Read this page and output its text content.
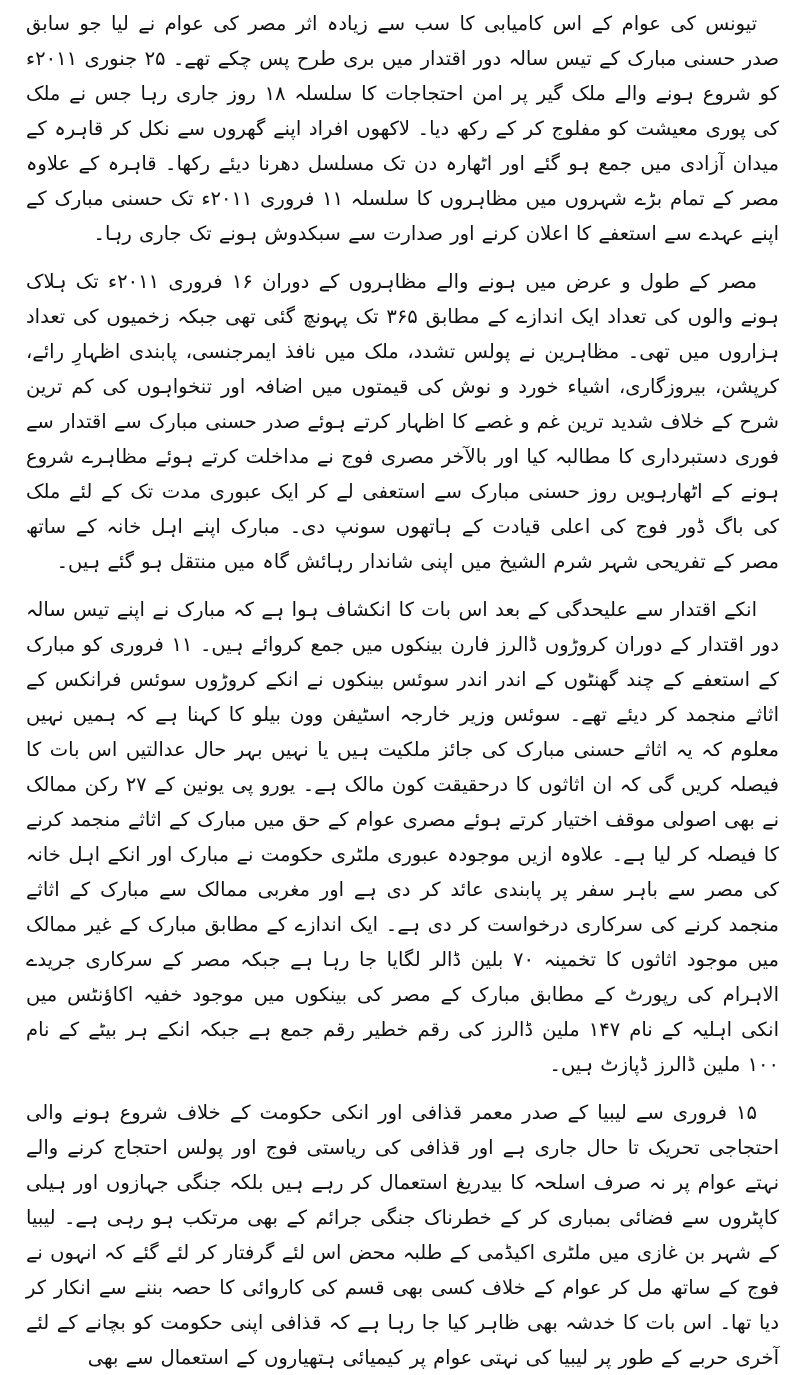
تیونس کی عوام کے اس کامیابی کا سب سے زیادہ اثر مصر کی عوام نے لیا جو سابق صدر حسنی مبارک کے تیس سالہ دور اقتدار میں بری طرح پس چکے تھے۔ ۲۵ جنوری ۲۰۱۱ء کو شروع ہونے والے ملک گیر پر امن احتجاجات کا سلسلہ ۱۸ روز جاری رہا جس نے ملک کی پوری معیشت کو مفلوج کر کے رکھ دیا۔ لاکھوں افراد اپنے گھروں سے نکل کر قاہرہ کے میدان آزادی میں جمع ہو گئے اور اٹھارہ دن تک مسلسل دھرنا دیئے رکھا۔ قاہرہ کے علاوہ مصر کے تمام بڑے شہروں میں مظاہروں کا سلسلہ ۱۱ فروری ۲۰۱۱ء تک حسنی مبارک کے اپنے عہدے سے استعفے کا اعلان کرنے اور صدارت سے سبکدوش ہونے تک جاری رہا۔

مصر کے طول و عرض میں ہونے والے مظاہروں کے دوران ۱۶ فروری ۲۰۱۱ء تک ہلاک ہونے والوں کی تعداد ایک اندازے کے مطابق ۳۶۵ تک پہونچ گئی تھی جبکہ زخمیوں کی تعداد ہزاروں میں تھی۔ مظاہرین نے پولس تشدد، ملک میں نافذ ایمرجنسی، پابندی اظہارِ رائے، کرپشن، بیروزگاری، اشیاء خورد و نوش کی قیمتوں میں اضافہ اور تنخواہوں کی کم ترین شرح کے خلاف شدید ترین غم و غصے کا اظہار کرتے ہوئے صدر حسنی مبارک سے اقتدار سے فوری دستبرداری کا مطالبہ کیا اور بالآخر مصری فوج نے مداخلت کرتے ہوئے مظاہرے شروع ہونے کے اٹھارہویں روز حسنی مبارک سے استعفی لے کر ایک عبوری مدت تک کے لئے ملک کی باگ ڈور فوج کی اعلی قیادت کے ہاتھوں سونپ دی۔ مبارک اپنے اہل خانہ کے ساتھ مصر کے تفریحی شہر شرم الشیخ میں اپنی شاندار رہائش گاہ میں منتقل ہو گئے ہیں۔

انکے اقتدار سے علیحدگی کے بعد اس بات کا انکشاف ہوا ہے کہ مبارک نے اپنے تیس سالہ دور اقتدار کے دوران کروڑوں ڈالرز فارن بینکوں میں جمع کروائے ہیں۔ ۱۱ فروری کو مبارک کے استعفے کے چند گھنٹوں کے اندر اندر سوئس بینکوں نے انکے کروڑوں سوئس فرانکس کے اثاثے منجمد کر دیئے تھے۔ سوئس وزیر خارجہ اسٹیفن وون بیلو کا کہنا ہے کہ ہمیں نہیں معلوم کہ یہ اثاثے حسنی مبارک کی جائز ملکیت ہیں یا نہیں بہر حال عدالتیں اس بات کا فیصلہ کریں گی کہ ان اثاثوں کا درحقیقت کون مالک ہے۔ یورو پی یونین کے ۲۷ رکن ممالک نے بھی اصولی موقف اختیار کرتے ہوئے مصری عوام کے حق میں مبارک کے اثاثے منجمد کرنے کا فیصلہ کر لیا ہے۔ علاوہ ازیں موجودہ عبوری ملٹری حکومت نے مبارک اور انکے اہل خانہ کی مصر سے باہر سفر پر پابندی عائد کر دی ہے اور مغربی ممالک سے مبارک کے اثاثے منجمد کرنے کی سرکاری درخواست کر دی ہے۔ ایک اندازے کے مطابق مبارک کے غیر ممالک میں موجود اثاثوں کا تخمینہ ۷۰ بلین ڈالر لگایا جا رہا ہے جبکہ مصر کے سرکاری جریدے الاہرام کی رپورٹ کے مطابق مبارک کے مصر کی بینکوں میں موجود خفیہ اکاؤنٹس میں انکی اہلیہ کے نام ۱۴۷ ملین ڈالرز کی رقم خطیر رقم جمع ہے جبکہ انکے ہر بیٹے کے نام ۱۰۰ ملین ڈالرز ڈپازٹ ہیں۔

۱۵ فروری سے لیبیا کے صدر معمر قذافی اور انکی حکومت کے خلاف شروع ہونے والی احتجاجی تحریک تا حال جاری ہے اور قذافی کی ریاستی فوج اور پولس احتجاج کرنے والے نہتے عوام پر نہ صرف اسلحہ کا بیدریغ استعمال کر رہے ہیں بلکہ جنگی جہازوں اور ہیلی کاپٹروں سے فضائی بمباری کر کے خطرناک جنگی جرائم کے بھی مرتکب ہو رہی ہے۔ لیبیا کے شہر بن غازی میں ملٹری اکیڈمی کے طلبہ محض اس لئے گرفتار کر لئے گئے کہ انہوں نے فوج کے ساتھ مل کر عوام کے خلاف کسی بھی قسم کی کاروائی کا حصہ بننے سے انکار کر دیا تھا۔ اس بات کا خدشہ بھی ظاہر کیا جا رہا ہے کہ قذافی اپنی حکومت کو بچانے کے لئے آخری حربے کے طور پر لیبیا کی نہتی عوام پر کیمیائی ہتھیاروں کے استعمال سے بھی
